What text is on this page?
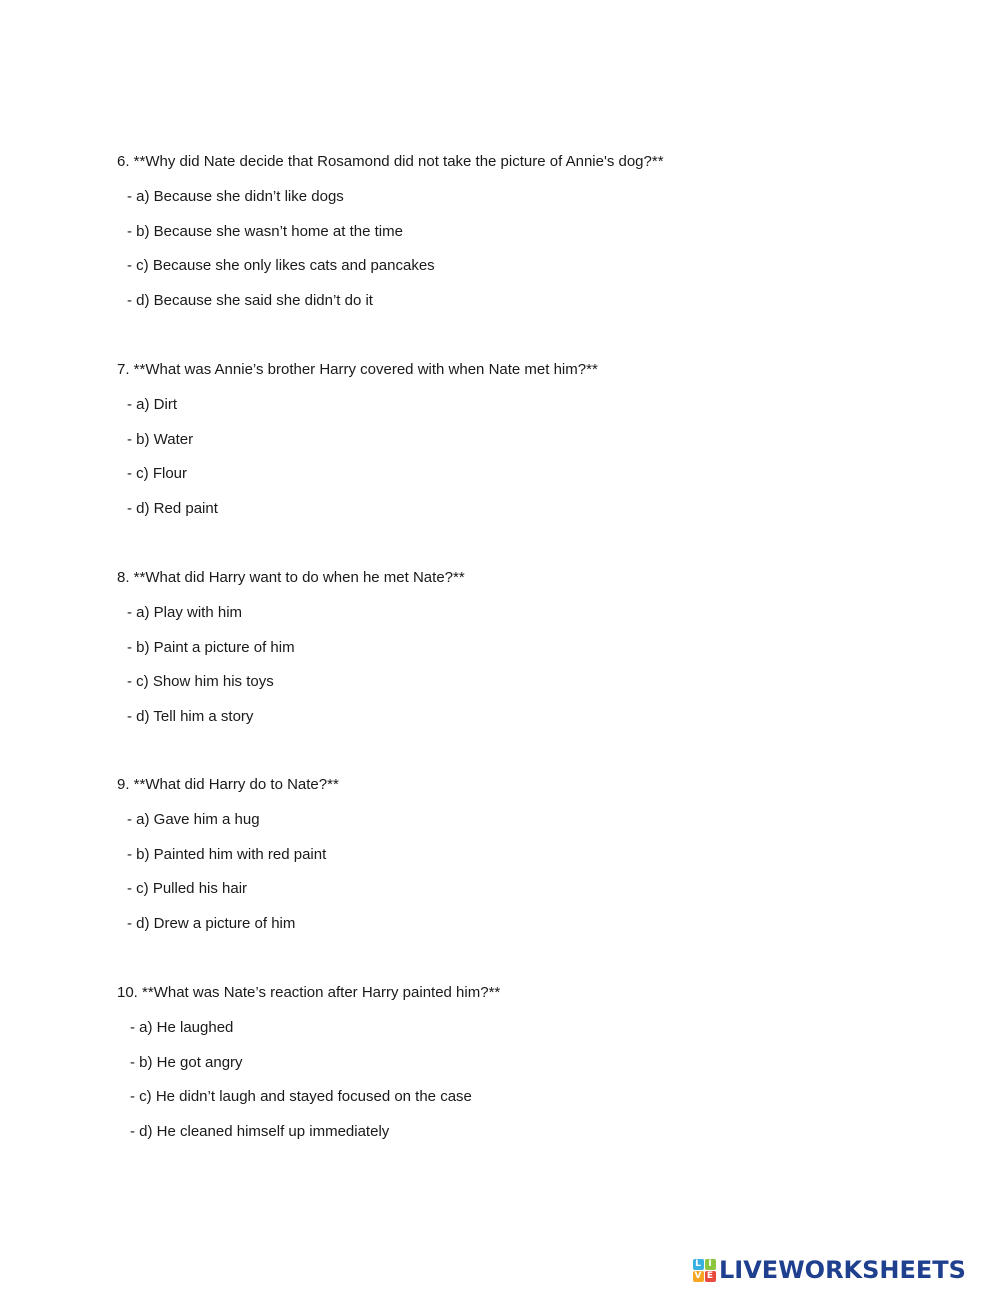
6. **Why did Nate decide that Rosamond did not take the picture of Annie's dog?**
- a) Because she didn’t like dogs
- b) Because she wasn’t home at the time
- c) Because she only likes cats and pancakes
- d) Because she said she didn’t do it
7. **What was Annie’s brother Harry covered with when Nate met him?**
- a) Dirt
- b) Water
- c) Flour
- d) Red paint
8. **What did Harry want to do when he met Nate?**
- a) Play with him
- b) Paint a picture of him
- c) Show him his toys
- d) Tell him a story
9. **What did Harry do to Nate?**
- a) Gave him a hug
- b) Painted him with red paint
- c) Pulled his hair
- d) Drew a picture of him
10. **What was Nate’s reaction after Harry painted him?**
- a) He laughed
- b) He got angry
- c) He didn’t laugh and stayed focused on the case
- d) He cleaned himself up immediately
L I
V E LIVEWORKSHEETS
